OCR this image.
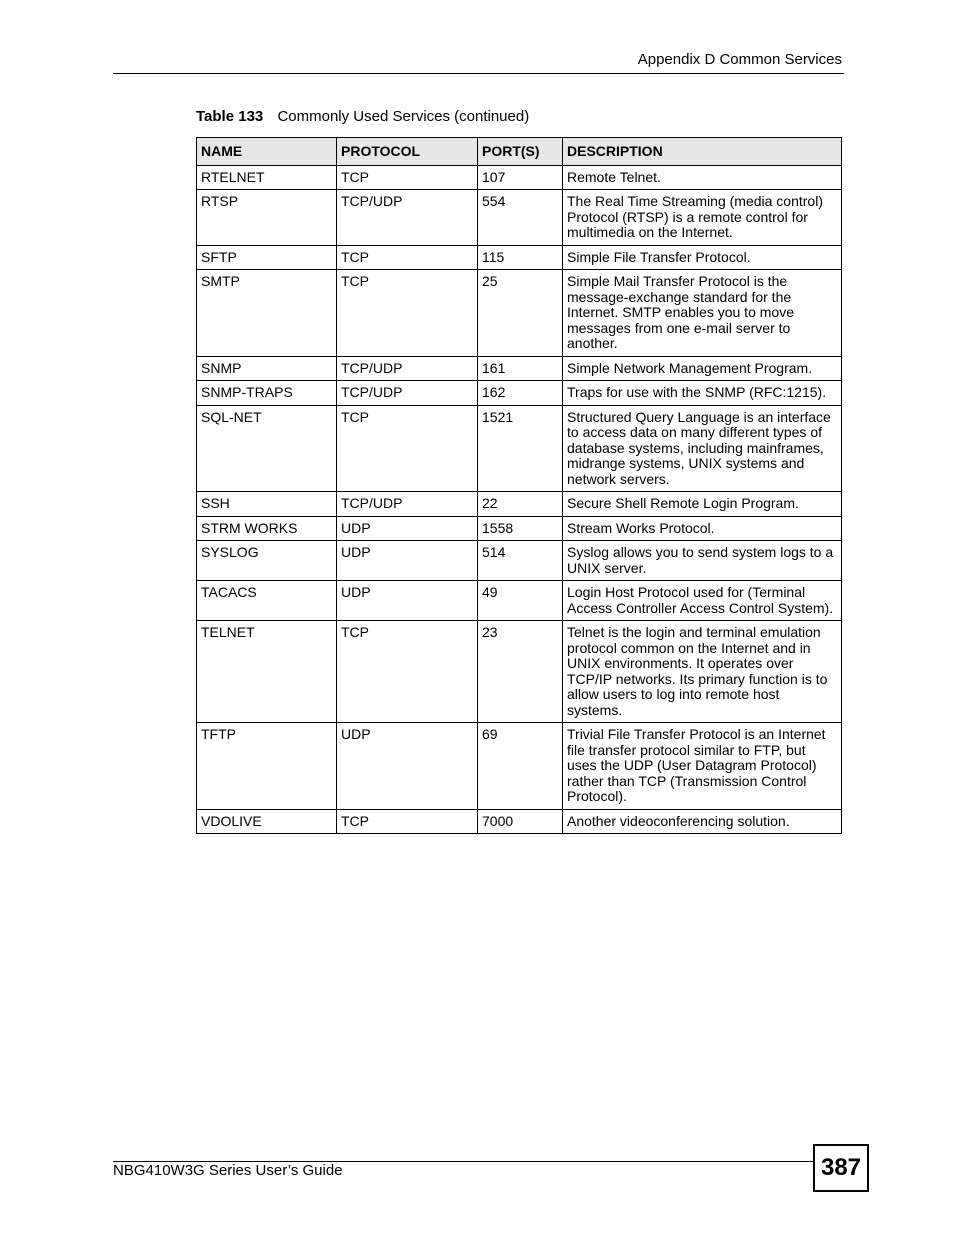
Appendix D Common Services
Table 133 Commonly Used Services (continued)
NAME	PROTOCOL	PORT(S)	DESCRIPTION
RTELNET	TCP	107	Remote Telnet.
RTSP	TCP/UDP	554	The Real Time Streaming (media control) Protocol (RTSP) is a remote control for multimedia on the Internet.
SFTP	TCP	115	Simple File Transfer Protocol.
SMTP	TCP	25	Simple Mail Transfer Protocol is the message-exchange standard for the Internet. SMTP enables you to move messages from one e-mail server to another.
SNMP	TCP/UDP	161	Simple Network Management Program.
SNMP-TRAPS	TCP/UDP	162	Traps for use with the SNMP (RFC:1215).
SQL-NET	TCP	1521	Structured Query Language is an interface to access data on many different types of database systems, including mainframes, midrange systems, UNIX systems and network servers.
SSH	TCP/UDP	22	Secure Shell Remote Login Program.
STRM WORKS	UDP	1558	Stream Works Protocol.
SYSLOG	UDP	514	Syslog allows you to send system logs to a UNIX server.
TACACS	UDP	49	Login Host Protocol used for (Terminal Access Controller Access Control System).
TELNET	TCP	23	Telnet is the login and terminal emulation protocol common on the Internet and in UNIX environments. It operates over TCP/IP networks. Its primary function is to allow users to log into remote host systems.
TFTP	UDP	69	Trivial File Transfer Protocol is an Internet file transfer protocol similar to FTP, but uses the UDP (User Datagram Protocol) rather than TCP (Transmission Control Protocol).
VDOLIVE	TCP	7000	Another videoconferencing solution.
NBG410W3G Series User’s Guide	387
